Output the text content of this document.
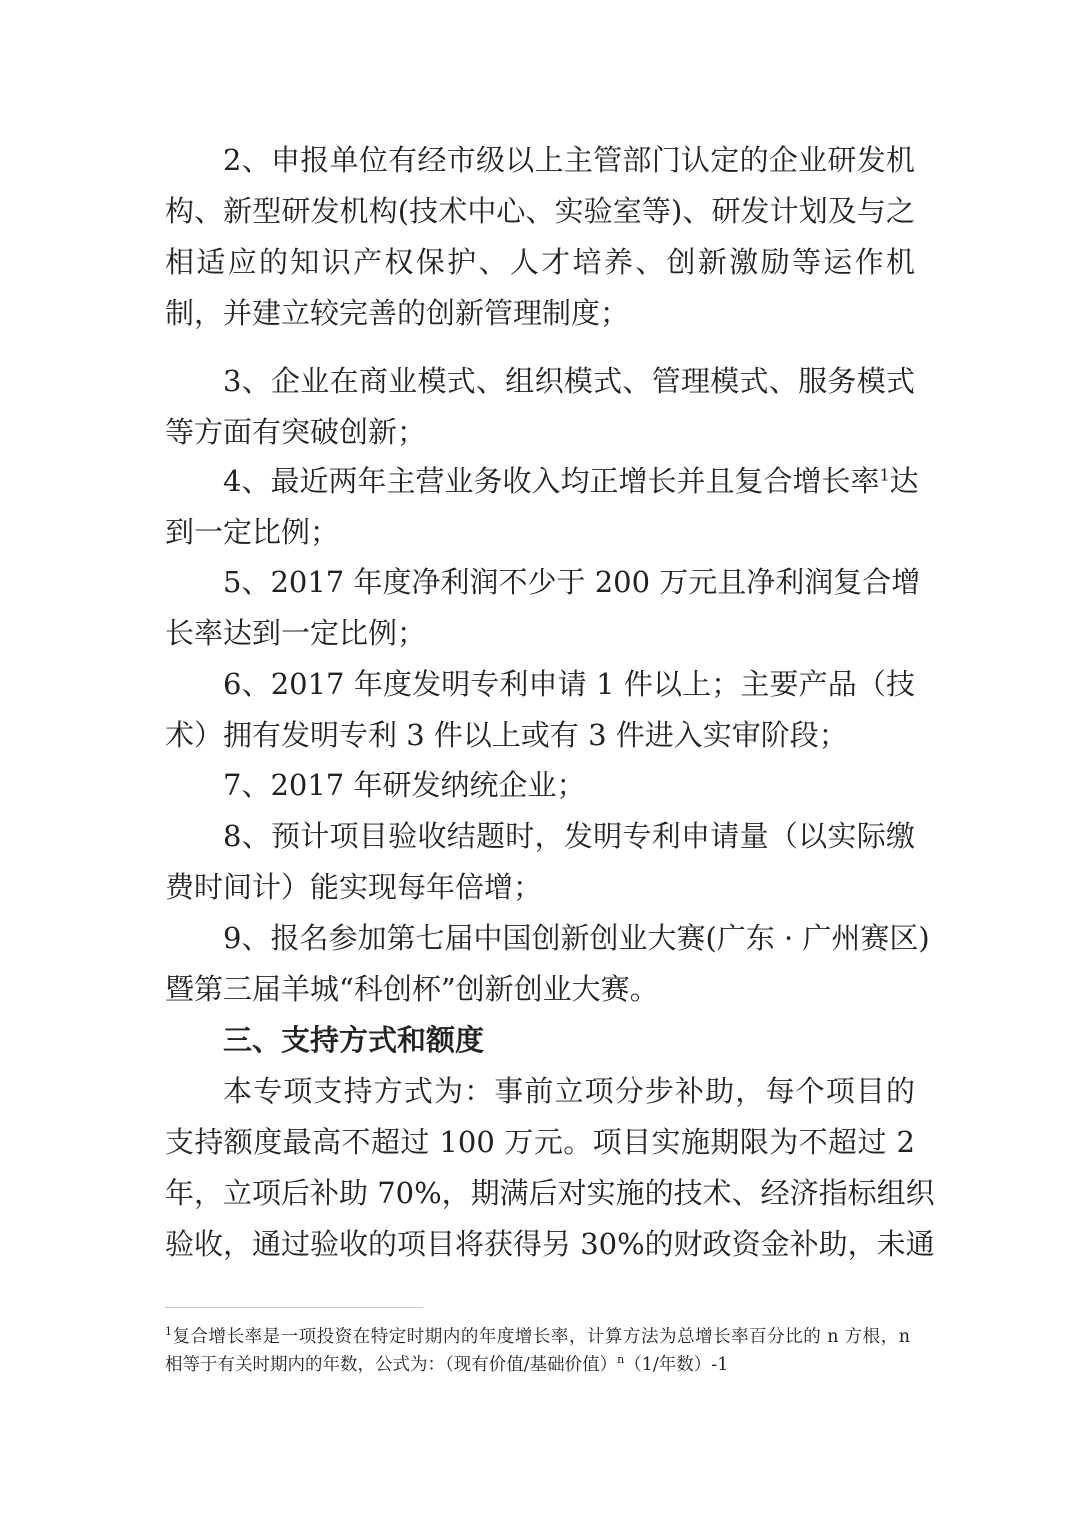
2、申报单位有经市级以上主管部门认定的企业研发机
构、新型研发机构(技术中心、实验室等)、研发计划及与之
相适应的知识产权保护、人才培养、创新激励等运作机
制，并建立较完善的创新管理制度；
3、企业在商业模式、组织模式、管理模式、服务模式
等方面有突破创新；
4、最近两年主营业务收入均正增长并且复合增长率$^1$达
到一定比例；
5、2017 年度净利润不少于 200 万元且净利润复合增
长率达到一定比例；
6、2017 年度发明专利申请 1 件以上；主要产品（技
术）拥有发明专利 3 件以上或有 3 件进入实审阶段；
7、2017 年研发纳统企业；
8、预计项目验收结题时，发明专利申请量（以实际缴
费时间计）能实现每年倍增；
9、报名参加第七届中国创新创业大赛(广东 · 广州赛区)
暨第三届羊城“科创杯”创新创业大赛。
三、支持方式和额度
本专项支持方式为：事前立项分步补助，每个项目的
支持额度最高不超过 100 万元。项目实施期限为不超过 2
年，立项后补助 70%，期满后对实施的技术、经济指标组织
验收，通过验收的项目将获得另 30%的财政资金补助，未通
$^1$复合增长率是一项投资在特定时期内的年度增长率，计算方法为总增长率百分比的 n 方根，n
相等于有关时期内的年数，公式为：（现有价值/基础价值）$^n$（1/年数）-1
